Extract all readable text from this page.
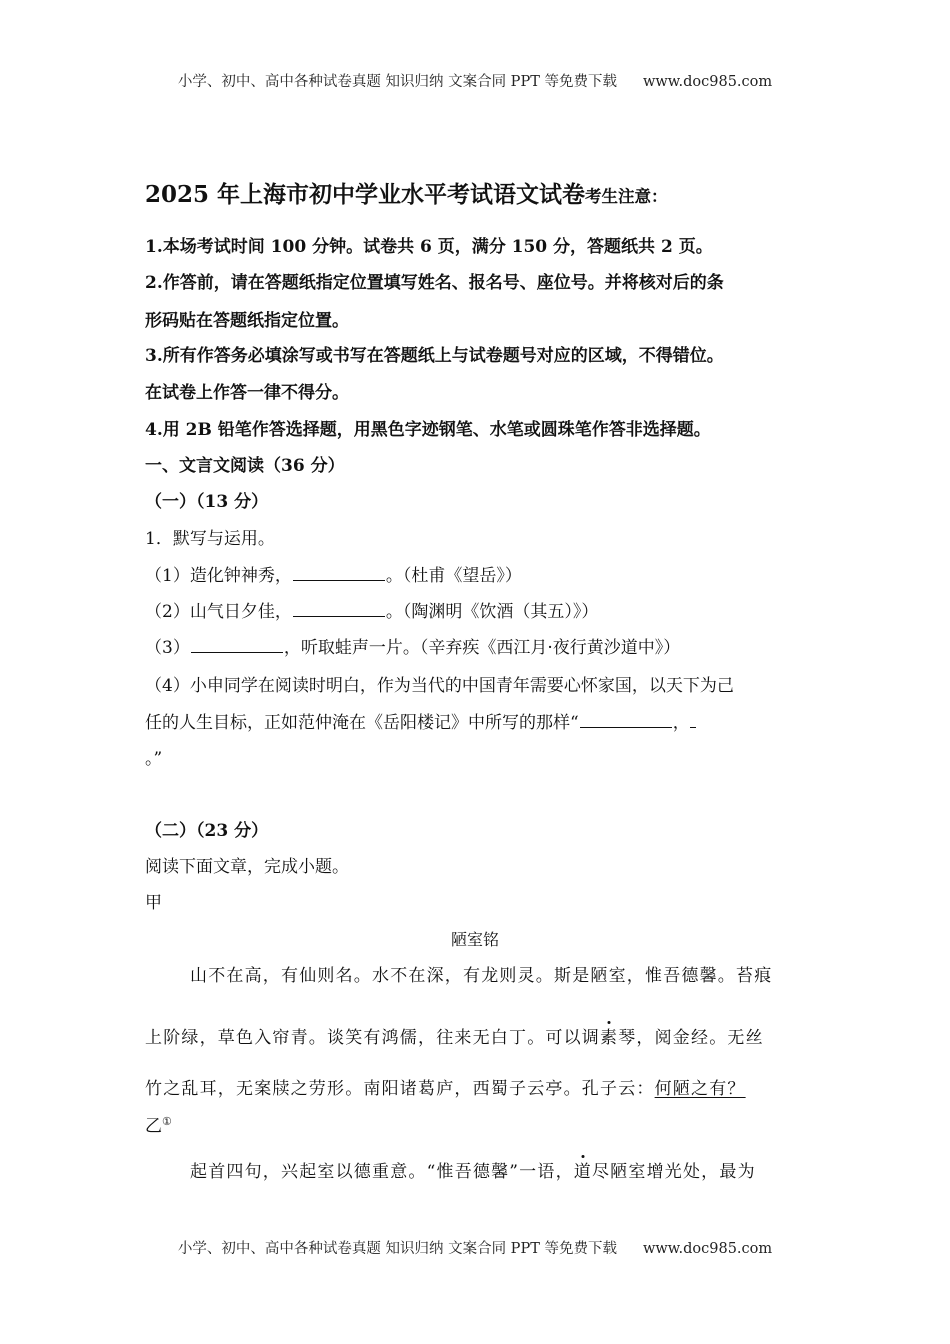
小学、初中、高中各种试卷真题 知识归纳 文案合同 PPT 等免费下载 www.doc985.com
2025 年上海市初中学业水平考试语文试卷考生注意：
1.本场考试时间 100 分钟。试卷共 6 页，满分 150 分，答题纸共 2 页。
2.作答前，请在答题纸指定位置填写姓名、报名号、座位号。并将核对后的条
形码贴在答题纸指定位置。
3.所有作答务必填涂写或书写在答题纸上与试卷题号对应的区域，不得错位。
在试卷上作答一律不得分。
4.用 2B 铅笔作答选择题，用黑色字迹钢笔、水笔或圆珠笔作答非选择题。
一、文言文阅读（36 分）
（一）（13 分）
1．默写与运用。
（1）造化钟神秀，	。（杜甫《望岳》）
（2）山气日夕佳，	。（陶渊明《饮酒（其五）》）
（3）	，听取蛙声一片。（辛弃疾《西江月·夜行黄沙道中》）
（4）小申同学在阅读时明白，作为当代的中国青年需要心怀家国，以天下为己
任的人生目标，正如范仲淹在《岳阳楼记》中所写的那样“	，
。”
（二）（23 分）
阅读下面文章，完成小题。
甲
陋室铭
山不在高，有仙则名。水不在深，有龙则灵。斯是陋室，惟吾德馨。苔痕
上阶绿，草色入帘青。谈笑有鸿儒，往来无白丁。可以调素琴，阅金经。无丝
竹之乱耳，无案牍之劳形。南阳诸葛庐，西蜀子云亭。孔子云：何陋之有？
乙①
起首四句，兴起室以德重意。“惟吾德馨”一语，道尽陋室增光处，最为
小学、初中、高中各种试卷真题 知识归纳 文案合同 PPT 等免费下载 www.doc985.com
